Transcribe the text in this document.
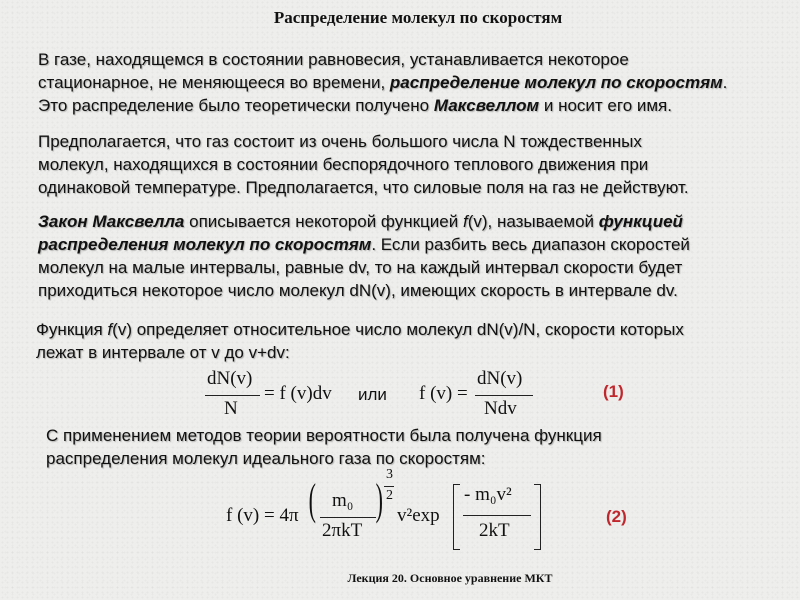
Распределение молекул по скоростям
В газе, находящемся в состоянии равновесия, устанавливается некоторое
стационарное, не меняющееся во времени, распределение молекул по скоростям.
Это распределение было теоретически получено Максвеллом и носит его имя.
Предполагается, что газ состоит из очень большого числа N тождественных
молекул, находящихся в состоянии беспорядочного теплового движения при
одинаковой температуре. Предполагается, что силовые поля на газ не действуют.
Закон Максвелла описывается некоторой функцией f(v), называемой функцией
распределения молекул по скоростям. Если разбить весь диапазон скоростей
молекул на малые интервалы, равные dv, то на каждый интервал скорости будет
приходиться некоторое число молекул dN(v), имеющих скорость в интервале dv.
Функция f(v) определяет относительное число молекул dN(v)/N, скорости которых
лежат в интервале от v до v+dv:
dN(v)
N
= f (v)dv или f (v) =
dN(v)
Ndv
(1)
С применением методов теории вероятности была получена функция
распределения молекул идеального газа по скоростям:
f (v) = 4π ( m₀
2πkT
)
3
2
v²exp
- m₀v²
2kT
(2)
Лекция 20. Основное уравнение МКТ
